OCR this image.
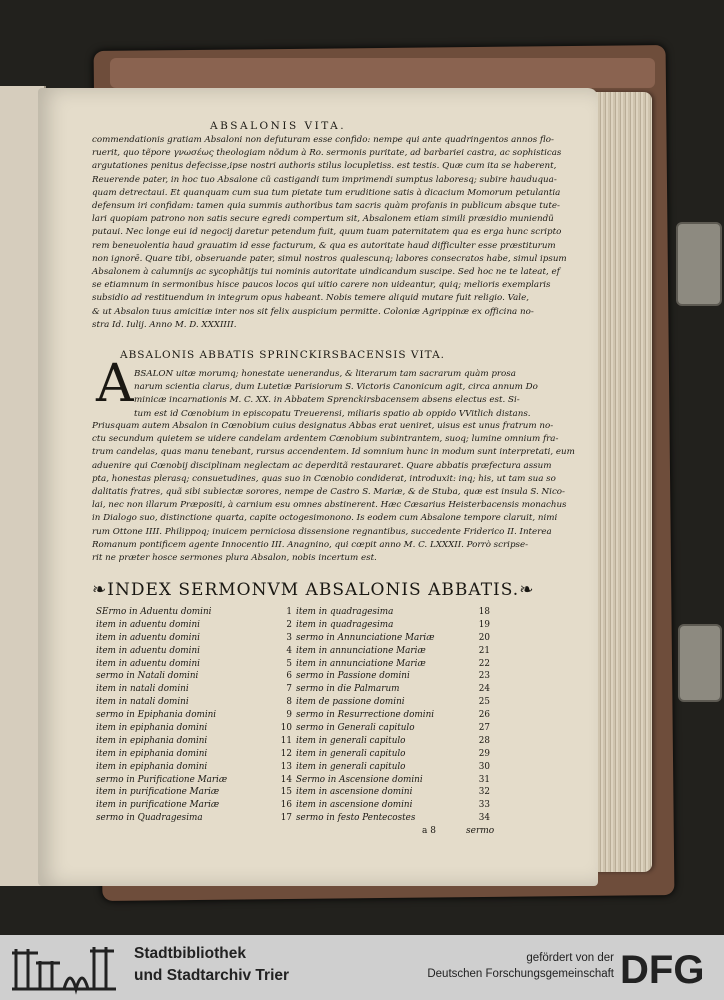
ABSALONIS VITA.
commendationis gratiam Absaloni non defuturam esse confido: nempe qui ante quadringentos annos flo-
ruerit, quo tẽpore γνωσέως theologiam nõdum à Ro. sermonis puritate, ad barbariei castra, ac sophisticas
argutationes penitus defecisse,ipse nostri authoris stilus locupletiss. est testis. Quæ cum ita se haberent,
Reuerende pater, in hoc tuo Absalone cũ castigandi tum imprimendi sumptus laboresq; subire hauduqua-
quam detrectaui. Et quanquam cum sua tum pietate tum eruditione satis à dicacium Momorum petulantia
defensum iri confidam: tamen quia summis authoribus tam sacris quàm profanis in publicum absque tute-
lari quopiam patrono non satis secure egredi compertum sit, Absalonem etiam simili præsidio muniendũ
putaui. Nec longe eui id negocij daretur petendum fuit, quum tuam paternitatem qua es erga hunc scripto
rem beneuolentia haud grauatim id esse facturum, & qua es autoritate haud difficulter esse præstiturum
non ignorē. Quare tibi, obseruande pater, simul nostros qualescunq; labores consecratos habe, simul ipsum
Absalonem à calumnijs ac sycophãtijs tui nominis autoritate uindicandum suscipe. Sed hoc ne te lateat, ef
se etiamnum in sermonibus hisce paucos locos qui uitio carere non uideantur, quiq; melioris exemplaris
subsidio ad restituendum in integrum opus habeant. Nobis temere aliquid mutare fuit religio. Vale,
& ut Absalon tuus amicitiæ inter nos sit felix auspicium permitte. Coloniæ Agrippinæ ex officina no-
stra Id. Iulij. Anno M. D. XXXIIII.
ABSALONIS ABBATIS SPRINCKIRSBACENSIS VITA.
A BSALON uitæ morumq; honestate uenerandus, & literarum tam sacrarum quàm prosa
narum scientia clarus, dum Lutetiæ Parisiorum S. Victoris Canonicum agit, circa annum Do
minicæ incarnationis M. C. XX. in Abbatem Sprenckirsbacensem absens electus est. Si-
tum est id Cœnobium in episcopatu Treuerensi, miliaris spatio ab oppido VVitlich distans.
Priusquam autem Absalon in Cœnobium cuius designatus Abbas erat ueniret, uisus est unus fratrum no-
ctu secundum quietem se uidere candelam ardentem Cœnobium subintrantem, suoq; lumine omnium fra-
trum candelas, quas manu tenebant, rursus accendentem. Id somnium hunc in modum sunt interpretati, eum
aduenire qui Cœnobij disciplinam neglectam ac deperditã restauraret. Quare abbatis præfectura assum
pta, honestas plerasq; consuetudines, quas suo in Cœnobio condiderat, introduxit: inq; his, ut tam sua so
dalitatis fratres, quã sibi subiectæ sorores, nempe de Castro S. Mariæ, & de Stuba, quæ est insula S. Nico-
lai, nec non illarum Præpositi, à carnium esu omnes abstinerent. Hæc Cæsarius Heisterbacensis monachus
in Dialogo suo, distinctione quarta, capite octogesimonono. Is eodem cum Absalone tempore claruit, nimi
rum Ottone IIII. Philippoq; inuicem perniciosa dissensione regnantibus, succedente Friderico II. Interea
Romanum pontificem agente Innocentio III. Anagnino, qui cœpit anno M. C. LXXXII. Porrò scripse-
rit ne præter hosce sermones plura Absalon, nobis incertum est.
❧INDEX SERMONVM ABSALONIS ABBATIS.❧
SErmo in Aduentu domini
item in aduentu domini
item in aduentu domini
item in aduentu domini
item in aduentu domini
sermo in Natali domini
item in natali domini
item in natali domini
sermo in Epiphania domini
item in epiphania domini
item in epiphania domini
item in epiphania domini
item in epiphania domini
sermo in Purificatione Mariæ
item in purificatione Mariæ
item in purificatione Mariæ
sermo in Quadragesima
1
2
3
4
5
6
7
8
9
10
11
12
13
14
15
16
17
item in quadragesima
item in quadragesima
sermo in Annunciatione Mariæ
item in annunciatione Mariæ
item in annunciatione Mariæ
sermo in Passione domini
sermo in die Palmarum
item de passione domini
sermo in Resurrectione domini
sermo in Generali capitulo
item in generali capitulo
item in generali capitulo
item in generali capitulo
Sermo in Ascensione domini
item in ascensione domini
item in ascensione domini
sermo in festo Pentecostes
18
19
20
21
22
23
24
25
26
27
28
29
30
31
32
33
34
a 8	sermo
Stadtbibliothek
und Stadtarchiv Trier
gefördert von der
Deutschen Forschungsgemeinschaft DFG
